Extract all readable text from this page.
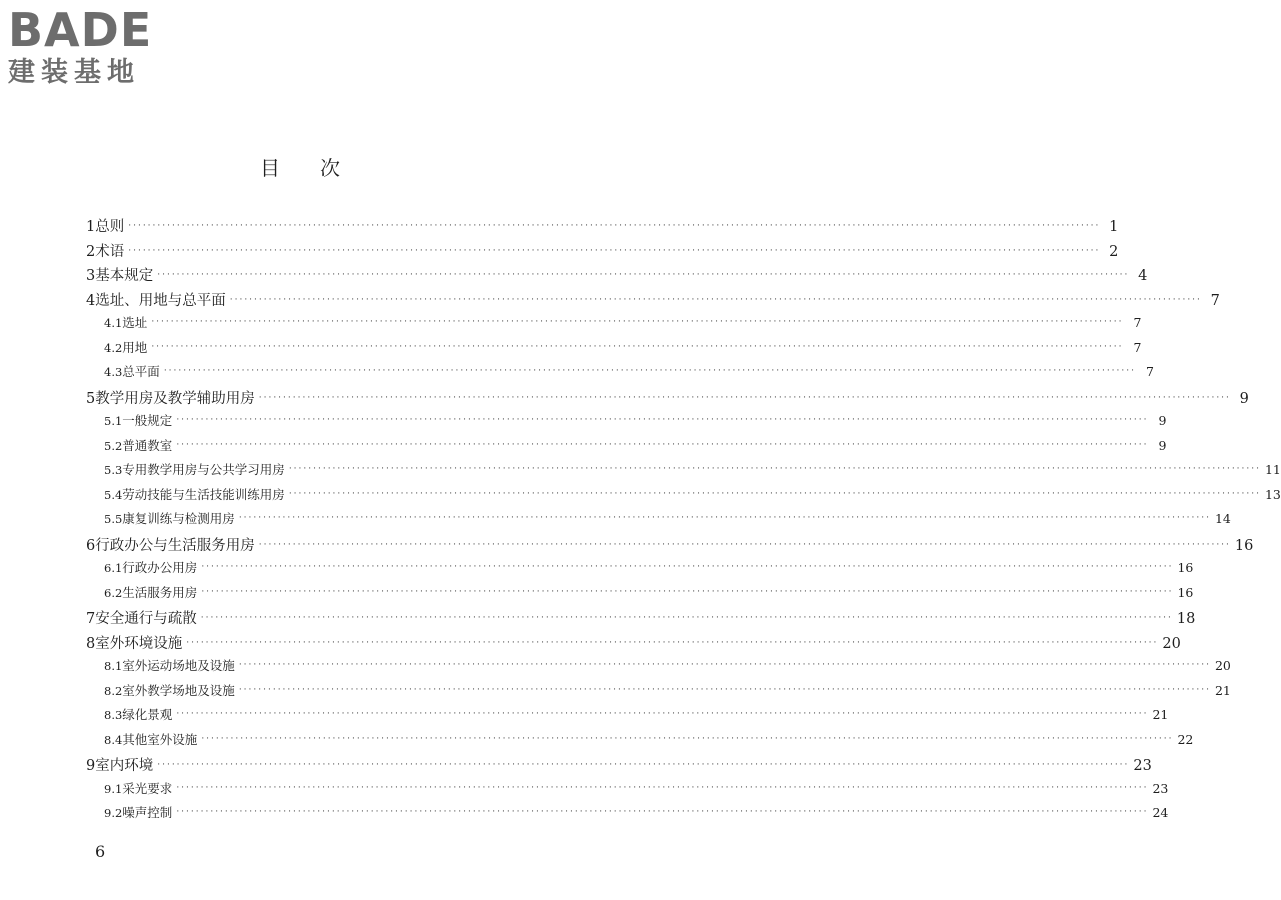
BADE
建装基地
目次
1 总则 ········································································································································································································ 1
2 术语 ········································································································································································································ 2
3 基本规定 ········································································································································································································ 4
4 选址、用地与总平面 ········································································································································································································ 7
4.1 选址 ········································································································································································································ 7
4.2 用地 ········································································································································································································ 7
4.3 总平面 ········································································································································································································ 7
5 教学用房及教学辅助用房 ········································································································································································································ 9
5.1 一般规定 ········································································································································································································ 9
5.2 普通教室 ········································································································································································································ 9
5.3 专用教学用房与公共学习用房 ········································································································································································································ 11
5.4 劳动技能与生活技能训练用房 ········································································································································································································ 13
5.5 康复训练与检测用房 ········································································································································································································ 14
6 行政办公与生活服务用房 ········································································································································································································ 16
6.1 行政办公用房 ········································································································································································································ 16
6.2 生活服务用房 ········································································································································································································ 16
7 安全通行与疏散 ········································································································································································································ 18
8 室外环境设施 ········································································································································································································ 20
8.1 室外运动场地及设施 ········································································································································································································ 20
8.2 室外教学场地及设施 ········································································································································································································ 21
8.3 绿化景观 ········································································································································································································ 21
8.4 其他室外设施 ········································································································································································································ 22
9 室内环境 ········································································································································································································ 23
9.1 采光要求 ········································································································································································································ 23
9.2 噪声控制 ········································································································································································································ 24
6
